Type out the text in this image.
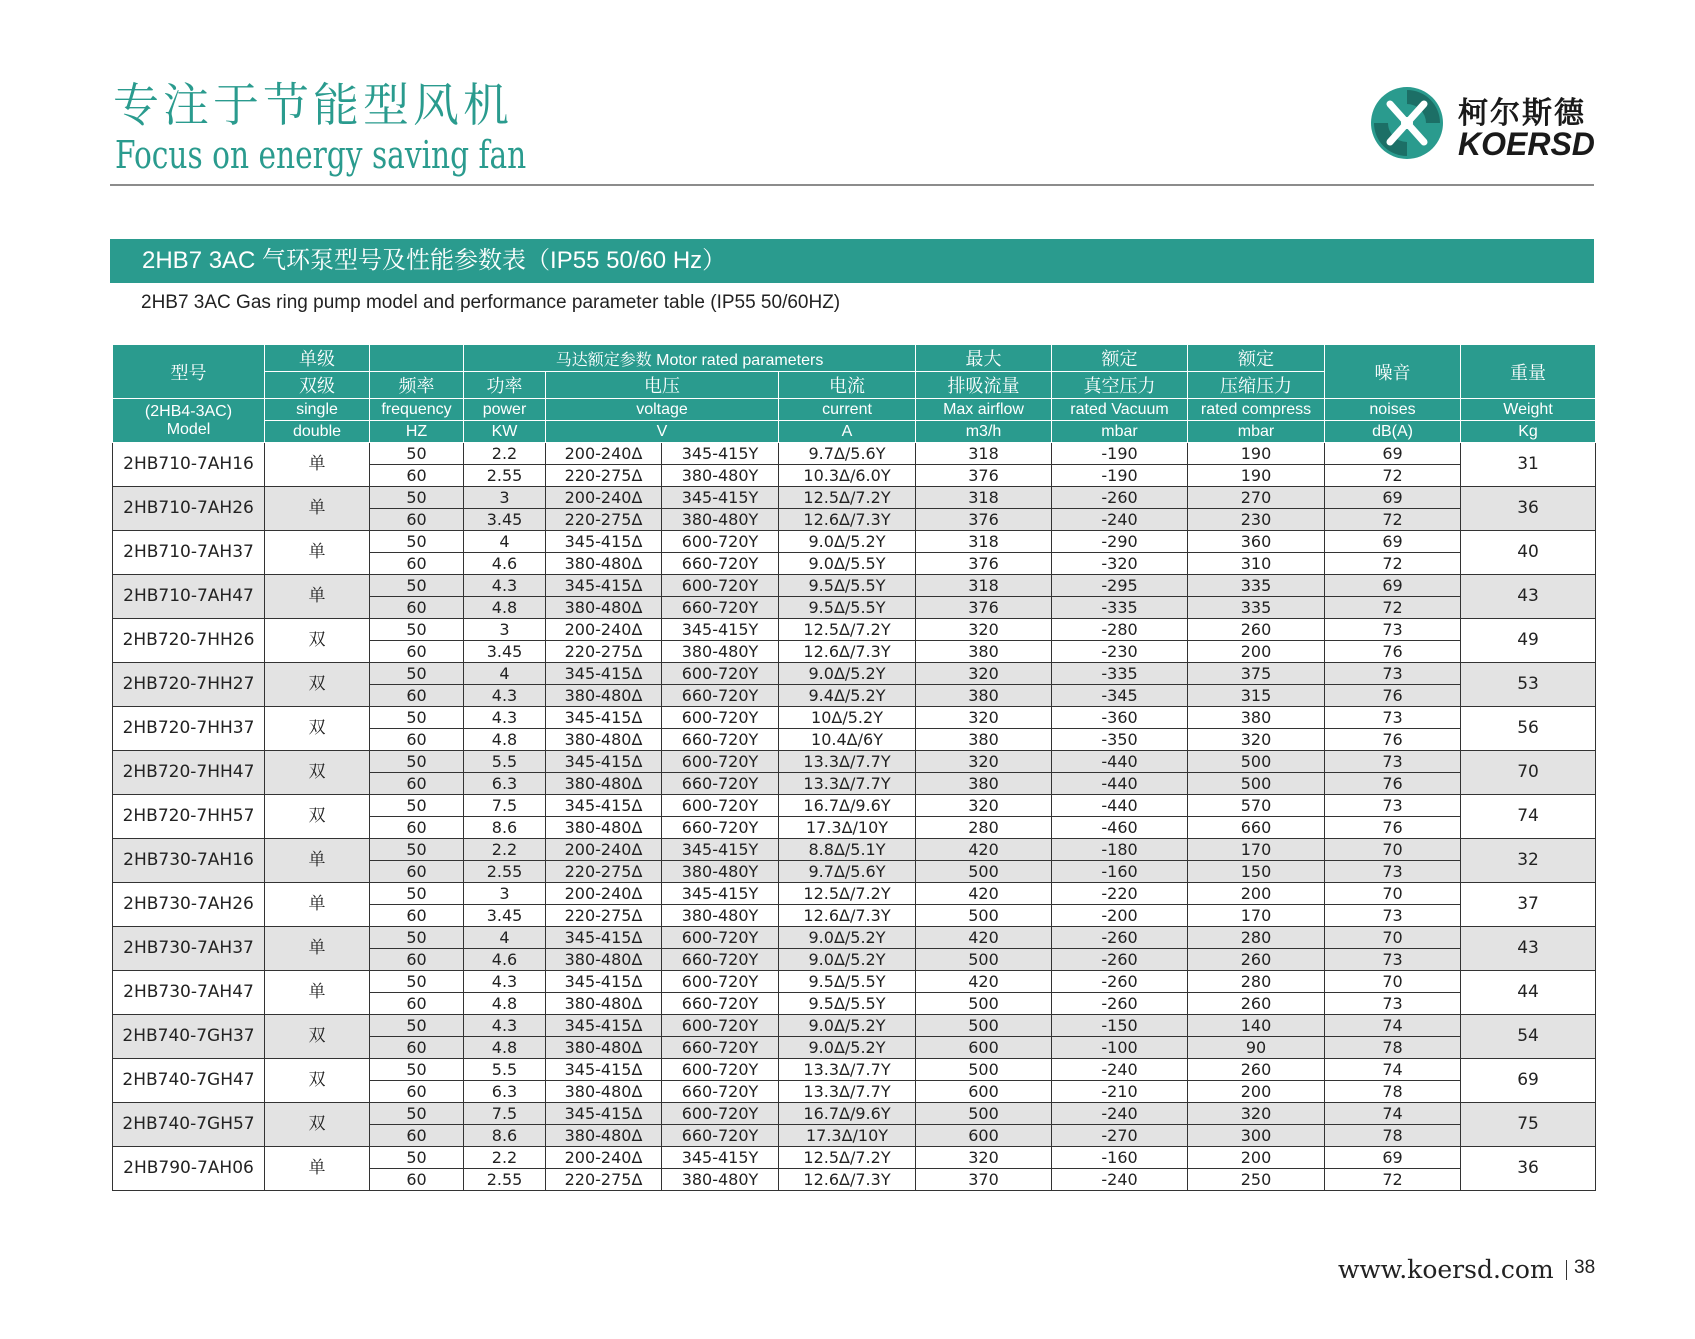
专注于节能型风机
Focus on energy saving fan
柯尔斯德
KOERSD
2HB7 3AC 气环泵型号及性能参数表（IP55 50/60 Hz）
2HB7 3AC Gas ring pump model and performance parameter table (IP55 50/60HZ)
型号	单级		马达额定参数 Motor rated parameters				最大	额定	额定	噪音	重量
	双级	频率	功率	电压		电流	排吸流量	真空压力	压缩压力		

(2HB4-3AC)
Model	single	frequency	power	voltage		current	Max airflow	rated Vacuum	rated compress	noises	Weight
	double	HZ	KW	V		A	m3/h	mbar	mbar	dB(A)	Kg
2HB710-7AH16	单	50	2.2	200-240Δ	345-415Y	9.7Δ/5.6Y	318	-190	190	69	31
		60	2.55	220-275Δ	380-480Y	10.3Δ/6.0Y	376	-190	190	72	
2HB710-7AH26	单	50	3	200-240Δ	345-415Y	12.5Δ/7.2Y	318	-260	270	69	36
		60	3.45	220-275Δ	380-480Y	12.6Δ/7.3Y	376	-240	230	72	
2HB710-7AH37	单	50	4	345-415Δ	600-720Y	9.0Δ/5.2Y	318	-290	360	69	40
		60	4.6	380-480Δ	660-720Y	9.0Δ/5.5Y	376	-320	310	72	
2HB710-7AH47	单	50	4.3	345-415Δ	600-720Y	9.5Δ/5.5Y	318	-295	335	69	43
		60	4.8	380-480Δ	660-720Y	9.5Δ/5.5Y	376	-335	335	72	
2HB720-7HH26	双	50	3	200-240Δ	345-415Y	12.5Δ/7.2Y	320	-280	260	73	49
		60	3.45	220-275Δ	380-480Y	12.6Δ/7.3Y	380	-230	200	76	
2HB720-7HH27	双	50	4	345-415Δ	600-720Y	9.0Δ/5.2Y	320	-335	375	73	53
		60	4.3	380-480Δ	660-720Y	9.4Δ/5.2Y	380	-345	315	76	
2HB720-7HH37	双	50	4.3	345-415Δ	600-720Y	10Δ/5.2Y	320	-360	380	73	56
		60	4.8	380-480Δ	660-720Y	10.4Δ/6Y	380	-350	320	76	
2HB720-7HH47	双	50	5.5	345-415Δ	600-720Y	13.3Δ/7.7Y	320	-440	500	73	70
		60	6.3	380-480Δ	660-720Y	13.3Δ/7.7Y	380	-440	500	76	
2HB720-7HH57	双	50	7.5	345-415Δ	600-720Y	16.7Δ/9.6Y	320	-440	570	73	74
		60	8.6	380-480Δ	660-720Y	17.3Δ/10Y	280	-460	660	76	
2HB730-7AH16	单	50	2.2	200-240Δ	345-415Y	8.8Δ/5.1Y	420	-180	170	70	32
		60	2.55	220-275Δ	380-480Y	9.7Δ/5.6Y	500	-160	150	73	
2HB730-7AH26	单	50	3	200-240Δ	345-415Y	12.5Δ/7.2Y	420	-220	200	70	37
		60	3.45	220-275Δ	380-480Y	12.6Δ/7.3Y	500	-200	170	73	
2HB730-7AH37	单	50	4	345-415Δ	600-720Y	9.0Δ/5.2Y	420	-260	280	70	43
		60	4.6	380-480Δ	660-720Y	9.0Δ/5.2Y	500	-260	260	73	
2HB730-7AH47	单	50	4.3	345-415Δ	600-720Y	9.5Δ/5.5Y	420	-260	280	70	44
		60	4.8	380-480Δ	660-720Y	9.5Δ/5.5Y	500	-260	260	73	
2HB740-7GH37	双	50	4.3	345-415Δ	600-720Y	9.0Δ/5.2Y	500	-150	140	74	54
		60	4.8	380-480Δ	660-720Y	9.0Δ/5.2Y	600	-100	90	78	
2HB740-7GH47	双	50	5.5	345-415Δ	600-720Y	13.3Δ/7.7Y	500	-240	260	74	69
		60	6.3	380-480Δ	660-720Y	13.3Δ/7.7Y	600	-210	200	78	
2HB740-7GH57	双	50	7.5	345-415Δ	600-720Y	16.7Δ/9.6Y	500	-240	320	74	75
		60	8.6	380-480Δ	660-720Y	17.3Δ/10Y	600	-270	300	78	
2HB790-7AH06	单	50	2.2	200-240Δ	345-415Y	12.5Δ/7.2Y	320	-160	200	69	36
		60	2.55	220-275Δ	380-480Y	12.6Δ/7.3Y	370	-240	250	72	
www.koersd.com 38
